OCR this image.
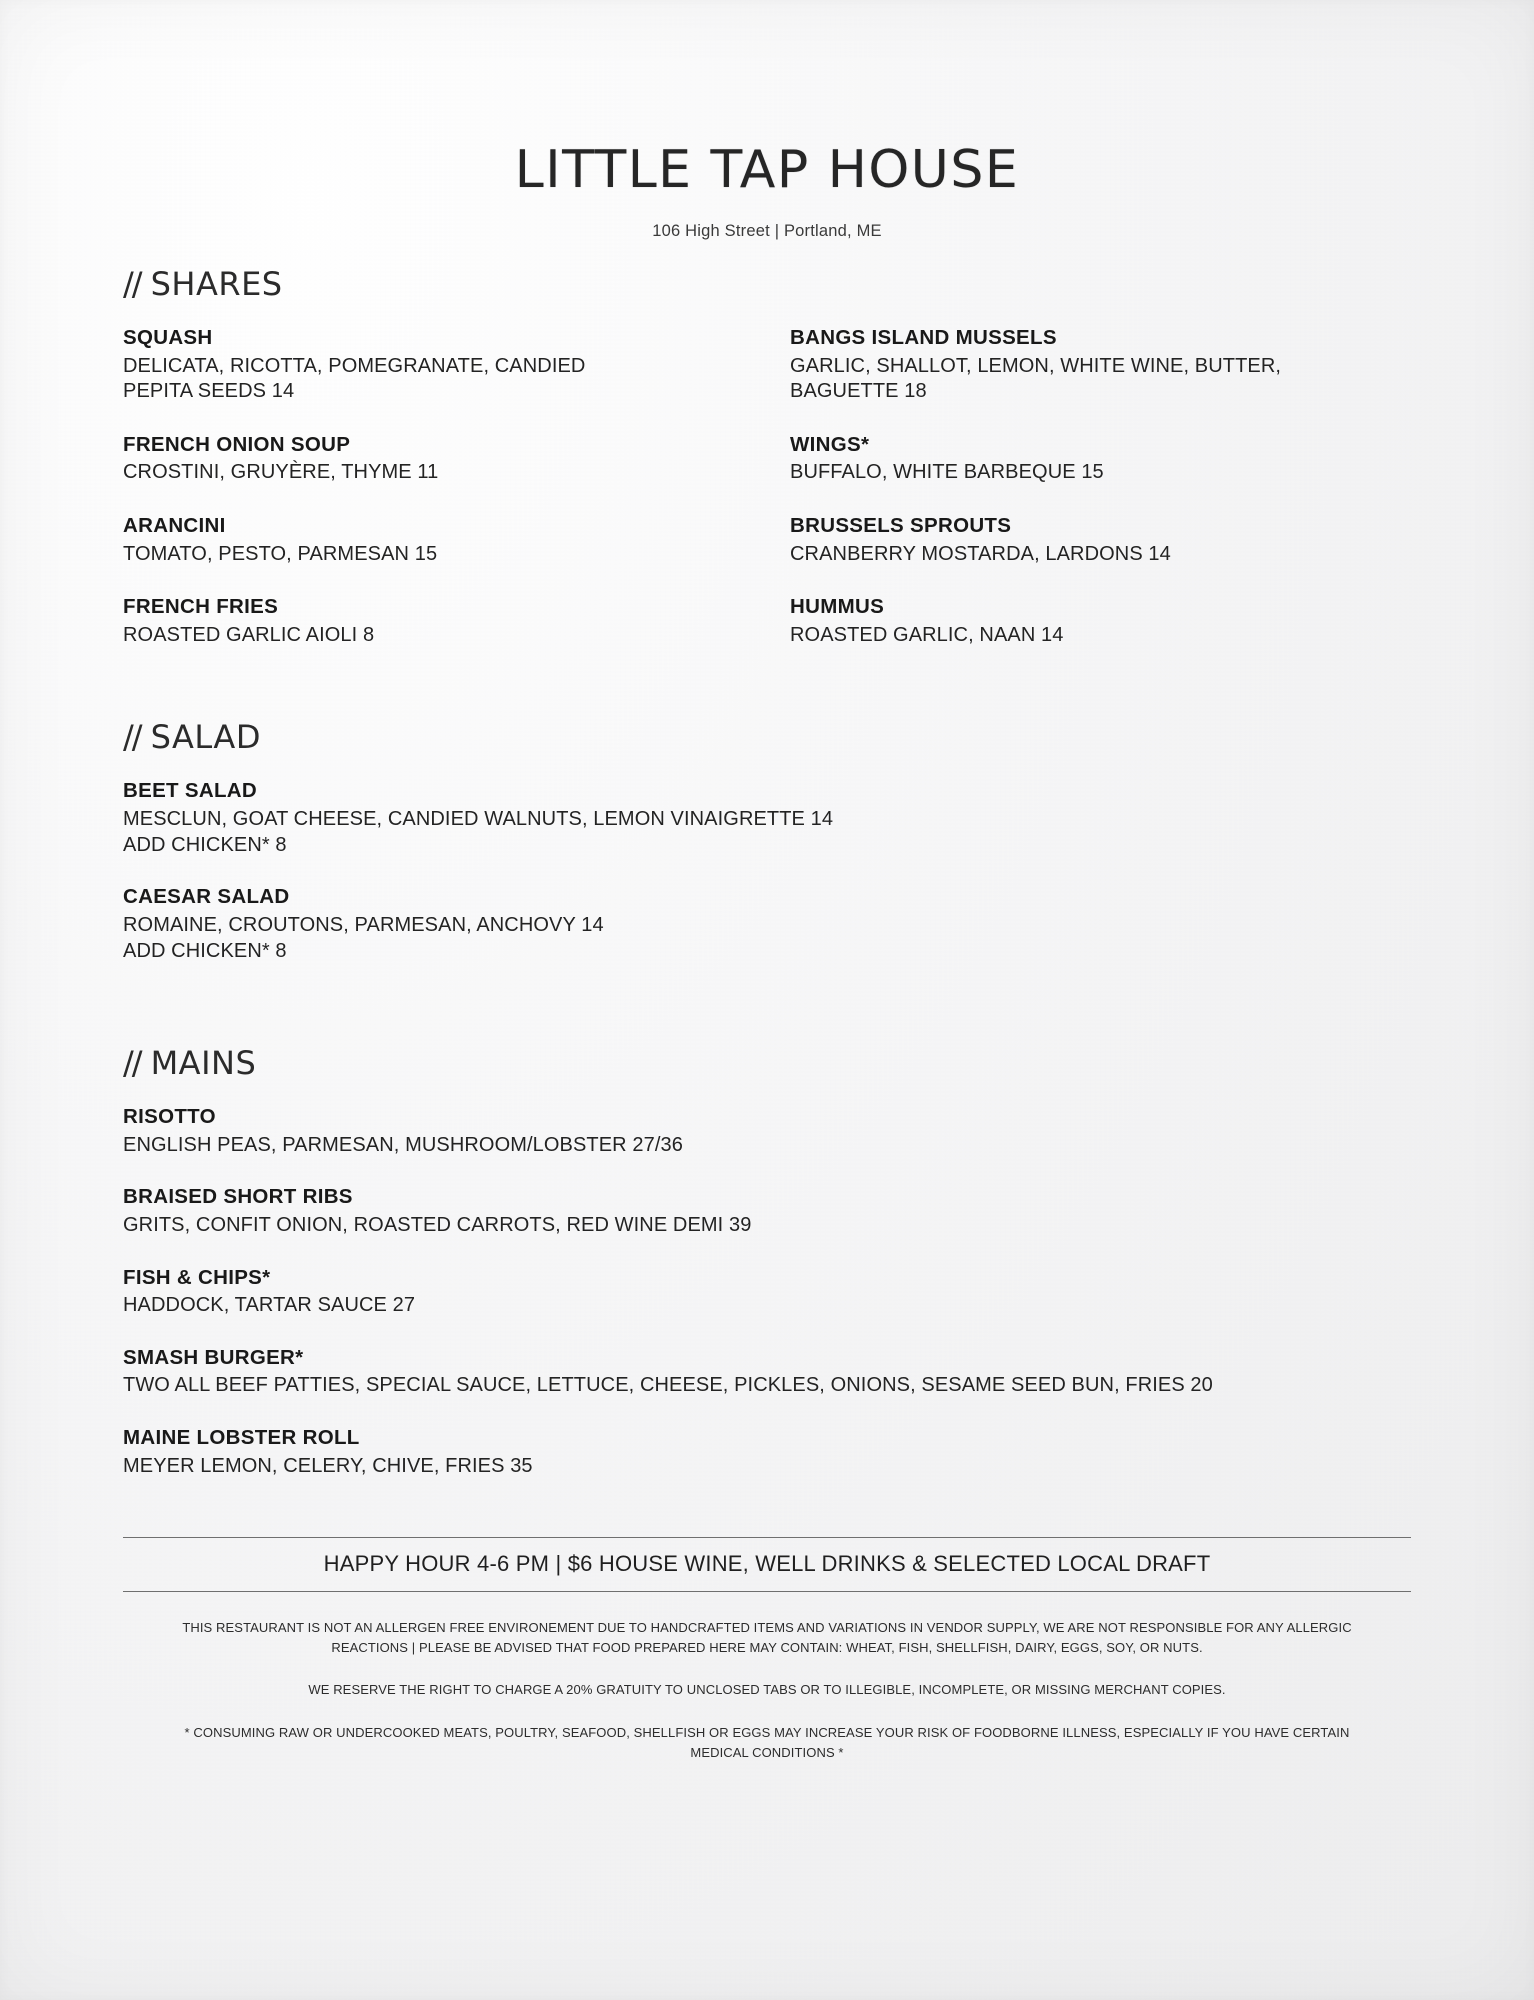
LITTLE TAP HOUSE
106 High Street | Portland, ME
// SHARES
SQUASH
DELICATA, RICOTTA, POMEGRANATE, CANDIED
PEPITA SEEDS 14
FRENCH ONION SOUP
CROSTINI, GRUYÈRE, THYME 11
ARANCINI
TOMATO, PESTO, PARMESAN 15
FRENCH FRIES
ROASTED GARLIC AIOLI 8
BANGS ISLAND MUSSELS
GARLIC, SHALLOT, LEMON, WHITE WINE, BUTTER,
BAGUETTE 18
WINGS*
BUFFALO, WHITE BARBEQUE 15
BRUSSELS SPROUTS
CRANBERRY MOSTARDA, LARDONS 14
HUMMUS
ROASTED GARLIC, NAAN 14
// SALAD
BEET SALAD
MESCLUN, GOAT CHEESE, CANDIED WALNUTS, LEMON VINAIGRETTE 14
ADD CHICKEN* 8
CAESAR SALAD
ROMAINE, CROUTONS, PARMESAN, ANCHOVY 14
ADD CHICKEN* 8
// MAINS
RISOTTO
ENGLISH PEAS, PARMESAN, MUSHROOM/LOBSTER 27/36
BRAISED SHORT RIBS
GRITS, CONFIT ONION, ROASTED CARROTS, RED WINE DEMI 39
FISH & CHIPS*
HADDOCK, TARTAR SAUCE 27
SMASH BURGER*
TWO ALL BEEF PATTIES, SPECIAL SAUCE, LETTUCE, CHEESE, PICKLES, ONIONS, SESAME SEED BUN, FRIES 20
MAINE LOBSTER ROLL
MEYER LEMON, CELERY, CHIVE, FRIES 35
HAPPY HOUR 4-6 PM | $6 HOUSE WINE, WELL DRINKS & SELECTED LOCAL DRAFT

THIS RESTAURANT IS NOT AN ALLERGEN FREE ENVIRONEMENT DUE TO HANDCRAFTED ITEMS AND VARIATIONS IN VENDOR SUPPLY, WE ARE NOT RESPONSIBLE FOR ANY ALLERGIC REACTIONS | PLEASE BE ADVISED THAT FOOD PREPARED HERE MAY CONTAIN: WHEAT, FISH, SHELLFISH, DAIRY, EGGS, SOY, OR NUTS.

WE RESERVE THE RIGHT TO CHARGE A 20% GRATUITY TO UNCLOSED TABS OR TO ILLEGIBLE, INCOMPLETE, OR MISSING MERCHANT COPIES.

* CONSUMING RAW OR UNDERCOOKED MEATS, POULTRY, SEAFOOD, SHELLFISH OR EGGS MAY INCREASE YOUR RISK OF FOODBORNE ILLNESS, ESPECIALLY IF YOU HAVE CERTAIN MEDICAL CONDITIONS *
